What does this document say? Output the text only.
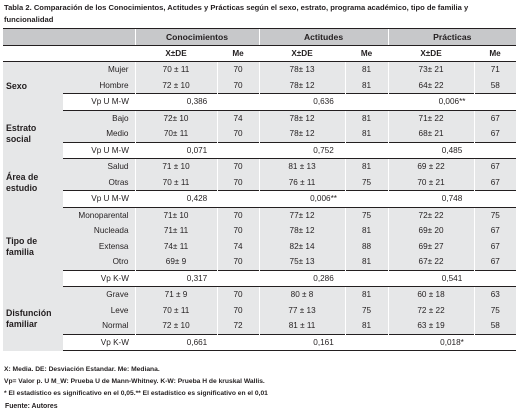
Tabla 2. Comparación de los Conocimientos, Actitudes y Prácticas según el sexo, estrato, programa académico, tipo de familia y funcionalidad
		Conocimientos		Actitudes		Prácticas	
		X±DE	Me	X±DE	Me	X±DE	Me
Sexo	Mujer	70 ± 11	70	78± 13	81	73± 21	71
	Hombre	72 ± 10	70	78± 12	81	64± 22	58
	Vp U M-W	0,386		0,636		0,006**	
Estrato social	Bajo	72± 10	74	78± 12	81	71± 22	67
	Medio	70± 11	70	78± 12	81	68± 21	67
	Vp U M-W	0,071		0,752		0,485	
Área de estudio	Salud	71 ± 10	70	81 ± 13	81	69 ± 22	67
	Otras	70 ± 11	70	76 ± 11	75	70 ± 21	67
	Vp U M-W	0,428		0,006**		0,748	
Tipo de familia	Monoparental	71± 10	70	77± 12	75	72± 22	75
	Nucleada	71± 11	70	78± 12	81	69± 20	67
	Extensa	74± 11	74	82± 14	88	69± 27	67
	Otro	69± 9	70	75± 13	81	67± 22	67
	Vp K-W	0,317		0,286		0,541	
Disfunción familiar	Grave	71 ± 9	70	80 ± 8	81	60 ± 18	63
	Leve	70 ± 11	70	77 ± 13	75	72 ± 22	75
	Normal	72 ± 10	72	81 ± 11	81	63 ± 19	58
	Vp K-W	0,661		0,161		0,018*	
X: Media. DE: Desviación Estandar. Me: Mediana.
Vp= Valor p. U M_W: Prueba U de Mann-Whitney. K-W: Prueba H de kruskal Wallis.
* El estadístico es significativo en el 0,05.** El estadístico es significativo en el 0,01
Fuente: Autores
